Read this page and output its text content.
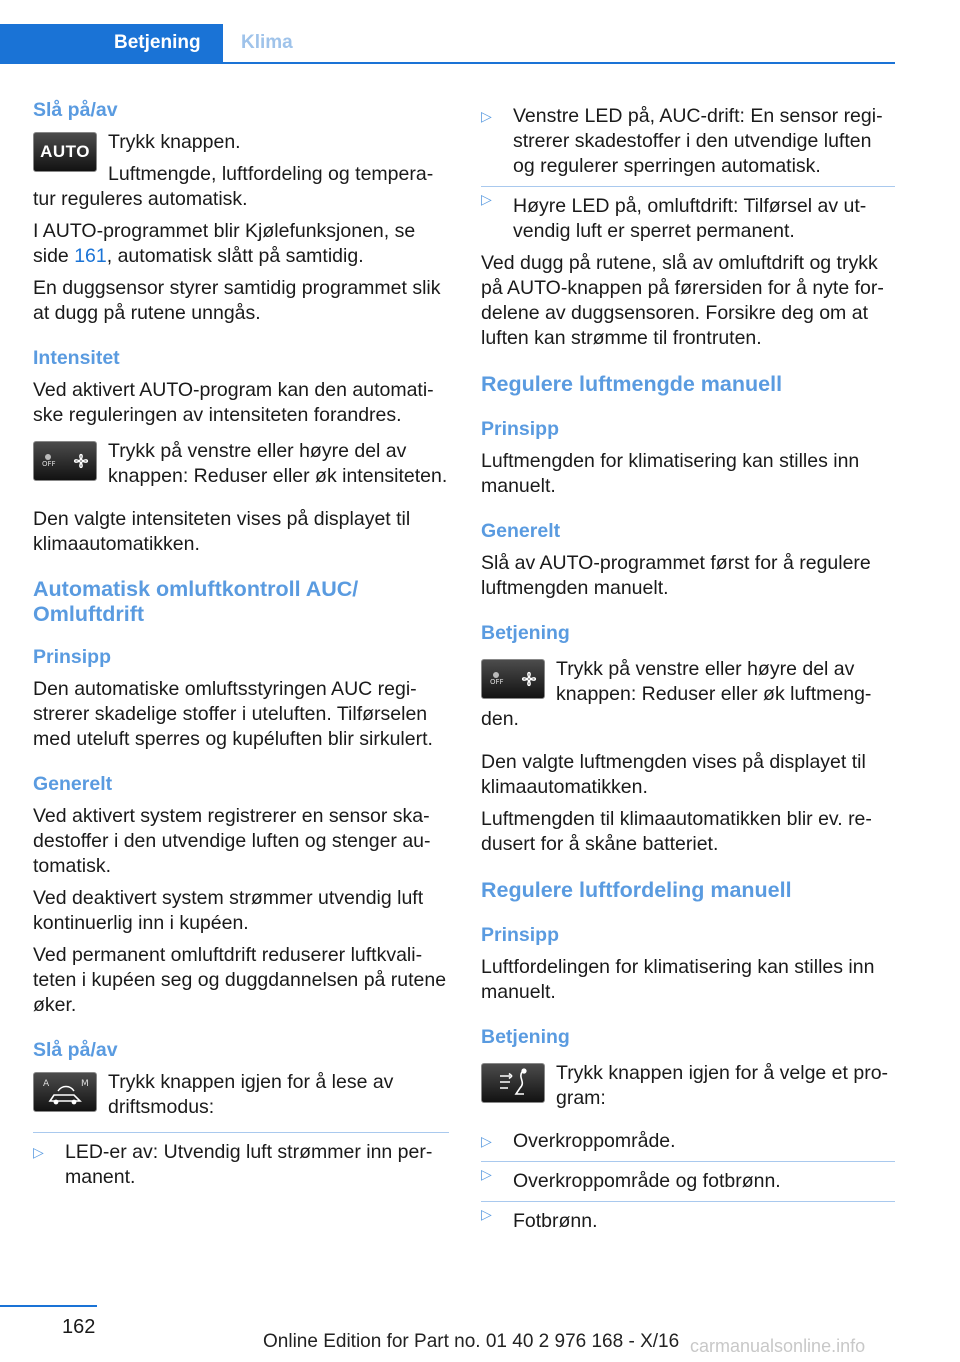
Betjening Klima
Slå på/av
AUTO Trykk knappen.

Luftmengde, luftfordeling og temperatur reguleres automatisk.

I AUTO-programmet blir Kjølefunksjonen, se side 161, automatisk slått på samtidig.

En duggsensor styrer samtidig programmet slik at dugg på rutene unngås.

Intensitet

Ved aktivert AUTO-program kan den automatiske reguleringen av intensiteten forandres.

OFF

Trykk på venstre eller høyre del av knappen: Reduser eller øk intensiteten.

Den valgte intensiteten vises på displayet til klimaautomatikken.

Automatisk omluftkontroll AUC/ Omluftdrift
Prinsipp

Den automatiske omluftsstyringen AUC registrerer skadelige stoffer i uteluften. Tilførselen med uteluft sperres og kupéluften blir sirkulert.

Generelt

Ved aktivert system registrerer en sensor skadestoffer i den utvendige luften og stenger automatisk.

Ved deaktivert system strømmer utvendig luft kontinuerlig inn i kupéen.

Ved permanent omluftdrift reduserer luftkvaliteten i kupéen seg og duggdannelsen på rutene øker.

Slå på/av
A	M Trykk knappen igjen for å lese av driftsmodus:

▷ LED-er av: Utvendig luft strømmer inn permanent.
▷ Venstre LED på, AUC-drift: En sensor registrerer skadestoffer i den utvendige luften og regulerer sperringen automatisk.
▷ Høyre LED på, omluftdrift: Tilførsel av utvendig luft er sperret permanent.

Ved dugg på rutene, slå av omluftdrift og trykk på AUTO-knappen på førersiden for å nyte fordelene av duggsensoren. Forsikre deg om at luften kan strømme til frontruten.

Regulere luftmengde manuell
Prinsipp

Luftmengden for klimatisering kan stilles inn manuelt.

Generelt

Slå av AUTO-programmet først for å regulere luftmengden manuelt.

Betjening
OFF

Trykk på venstre eller høyre del av knappen: Reduser eller øk luftmengden.

Den valgte luftmengden vises på displayet til klimaautomatikken.

Luftmengden til klimaautomatikken blir ev. redusert for å skåne batteriet.

Regulere luftfordeling manuell
Prinsipp

Luftfordelingen for klimatisering kan stilles inn manuelt.

Betjening

Trykk knappen igjen for å velge et program:

▷ Overkroppområde.
▷ Overkroppområde og fotbrønn.
▷ Fotbrønn.
162
Online Edition for Part no. 01 40 2 976 168 - X/16 carmanualsonline.info
